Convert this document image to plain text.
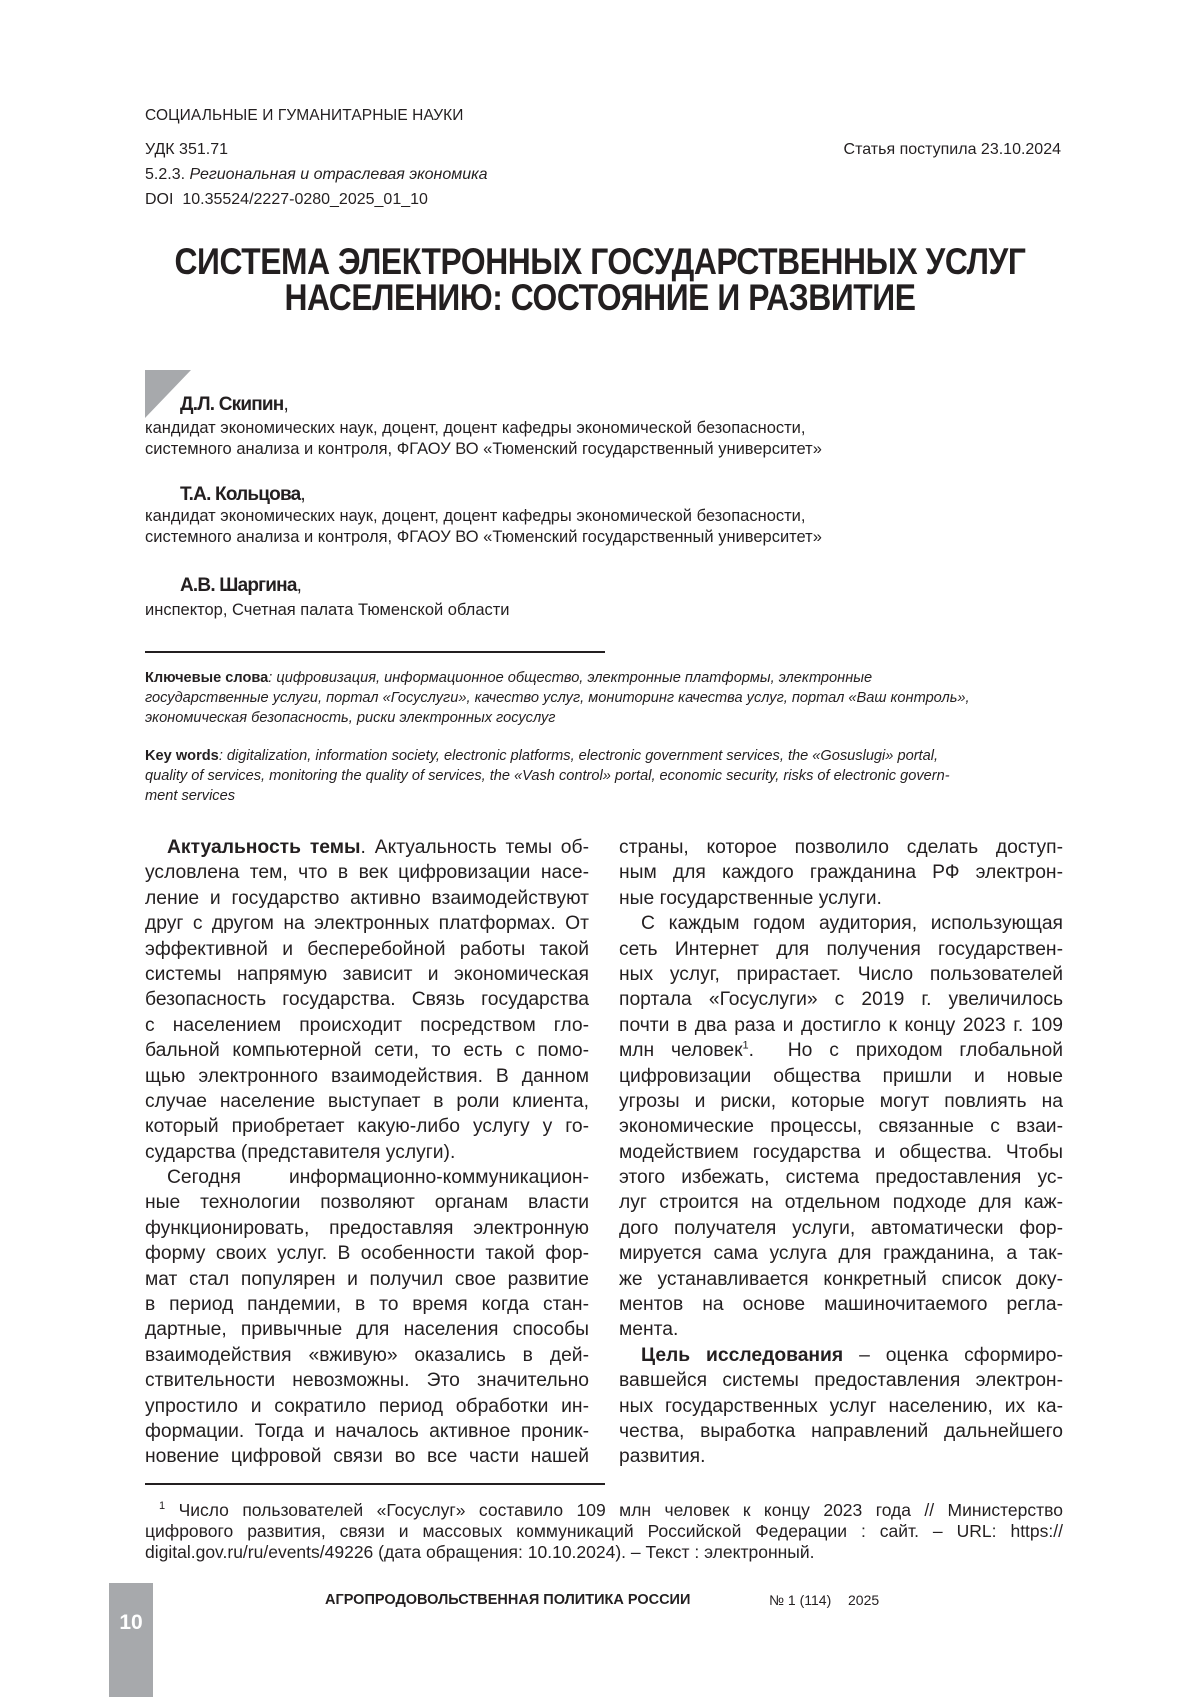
СОЦИАЛЬНЫЕ И ГУМАНИТАРНЫЕ НАУКИ
УДК 351.71	Статья поступила 23.10.2024
5.2.3. Региональная и отраслевая экономика
DOI  10.35524/2227-0280_2025_01_10
СИСТЕМА ЭЛЕКТРОННЫХ ГОСУДАРСТВЕННЫХ УСЛУГ
НАСЕЛЕНИЮ: СОСТОЯНИЕ И РАЗВИТИЕ
Д.Л. Скипин,
кандидат экономических наук, доцент, доцент кафедры экономической безопасности,
системного анализа и контроля, ФГАОУ ВО «Тюменский государственный университет»
Т.А. Кольцова,
кандидат экономических наук, доцент, доцент кафедры экономической безопасности,
системного анализа и контроля, ФГАОУ ВО «Тюменский государственный университет»
А.В. Шаргина,
инспектор, Счетная палата Тюменской области
Ключевые слова: цифровизация, информационное общество, электронные платформы, электронные
государственные услуги, портал «Госуслуги», качество услуг, мониторинг качества услуг, портал «Ваш контроль»,
экономическая безопасность, риски электронных госуслуг
Key words: digitalization, information society, electronic platforms, electronic government services, the «Gosuslugi» portal,
quality of services, monitoring the quality of services, the «Vash control» portal, economic security, risks of electronic govern-
ment services
Актуальность темы. Актуальность темы об-
условлена тем, что в век цифровизации насе-
ление и государство активно взаимодействуют
друг с другом на электронных платформах. От
эффективной и бесперебойной работы такой
системы напрямую зависит и экономическая
безопасность государства. Связь государства
с населением происходит посредством гло-
бальной компьютерной сети, то есть с помо-
щью электронного взаимодействия. В данном
случае население выступает в роли клиента,
который приобретает какую-либо услугу у го-
сударства (представителя услуги).
Сегодня информационно-коммуникацион-
ные технологии позволяют органам власти
функционировать, предоставляя электронную
форму своих услуг. В особенности такой фор-
мат стал популярен и получил свое развитие
в период пандемии, в то время когда стан-
дартные, привычные для населения способы
взаимодействия «вживую» оказались в дей-
ствительности невозможны. Это значительно
упростило и сократило период обработки ин-
формации. Тогда и началось активное проник-
новение цифровой связи во все части нашей
страны, которое позволило сделать доступ-
ным для каждого гражданина РФ электрон-
ные государственные услуги.
С каждым годом аудитория, использующая
сеть Интернет для получения государствен-
ных услуг, прирастает. Число пользователей
портала «Госуслуги» с 2019 г. увеличилось
почти в два раза и достигло к концу 2023 г. 109
млн человек1.  Но с приходом глобальной
цифровизации общества пришли и новые
угрозы и риски, которые могут повлиять на
экономические процессы, связанные с взаи-
модействием государства и общества. Чтобы
этого избежать, система предоставления ус-
луг строится на отдельном подходе для каж-
дого получателя услуги, автоматически фор-
мируется сама услуга для гражданина, а так-
же устанавливается конкретный список доку-
ментов на основе машиночитаемого регла-
мента.
Цель исследования – оценка сформиро-
вавшейся системы предоставления электрон-
ных государственных услуг населению, их ка-
чества, выработка направлений дальнейшего
развития.
1 Число пользователей «Госуслуг» составило 109 млн человек к концу 2023 года // Министерство
цифрового развития, связи и массовых коммуникаций Российской Федерации : сайт. – URL: https://
digital.gov.ru/ru/events/49226 (дата обращения: 10.10.2024). – Текст : электронный.
10
АГРОПРОДОВОЛЬСТВЕННАЯ ПОЛИТИКА РОССИИ	№ 1 (114) 2025
